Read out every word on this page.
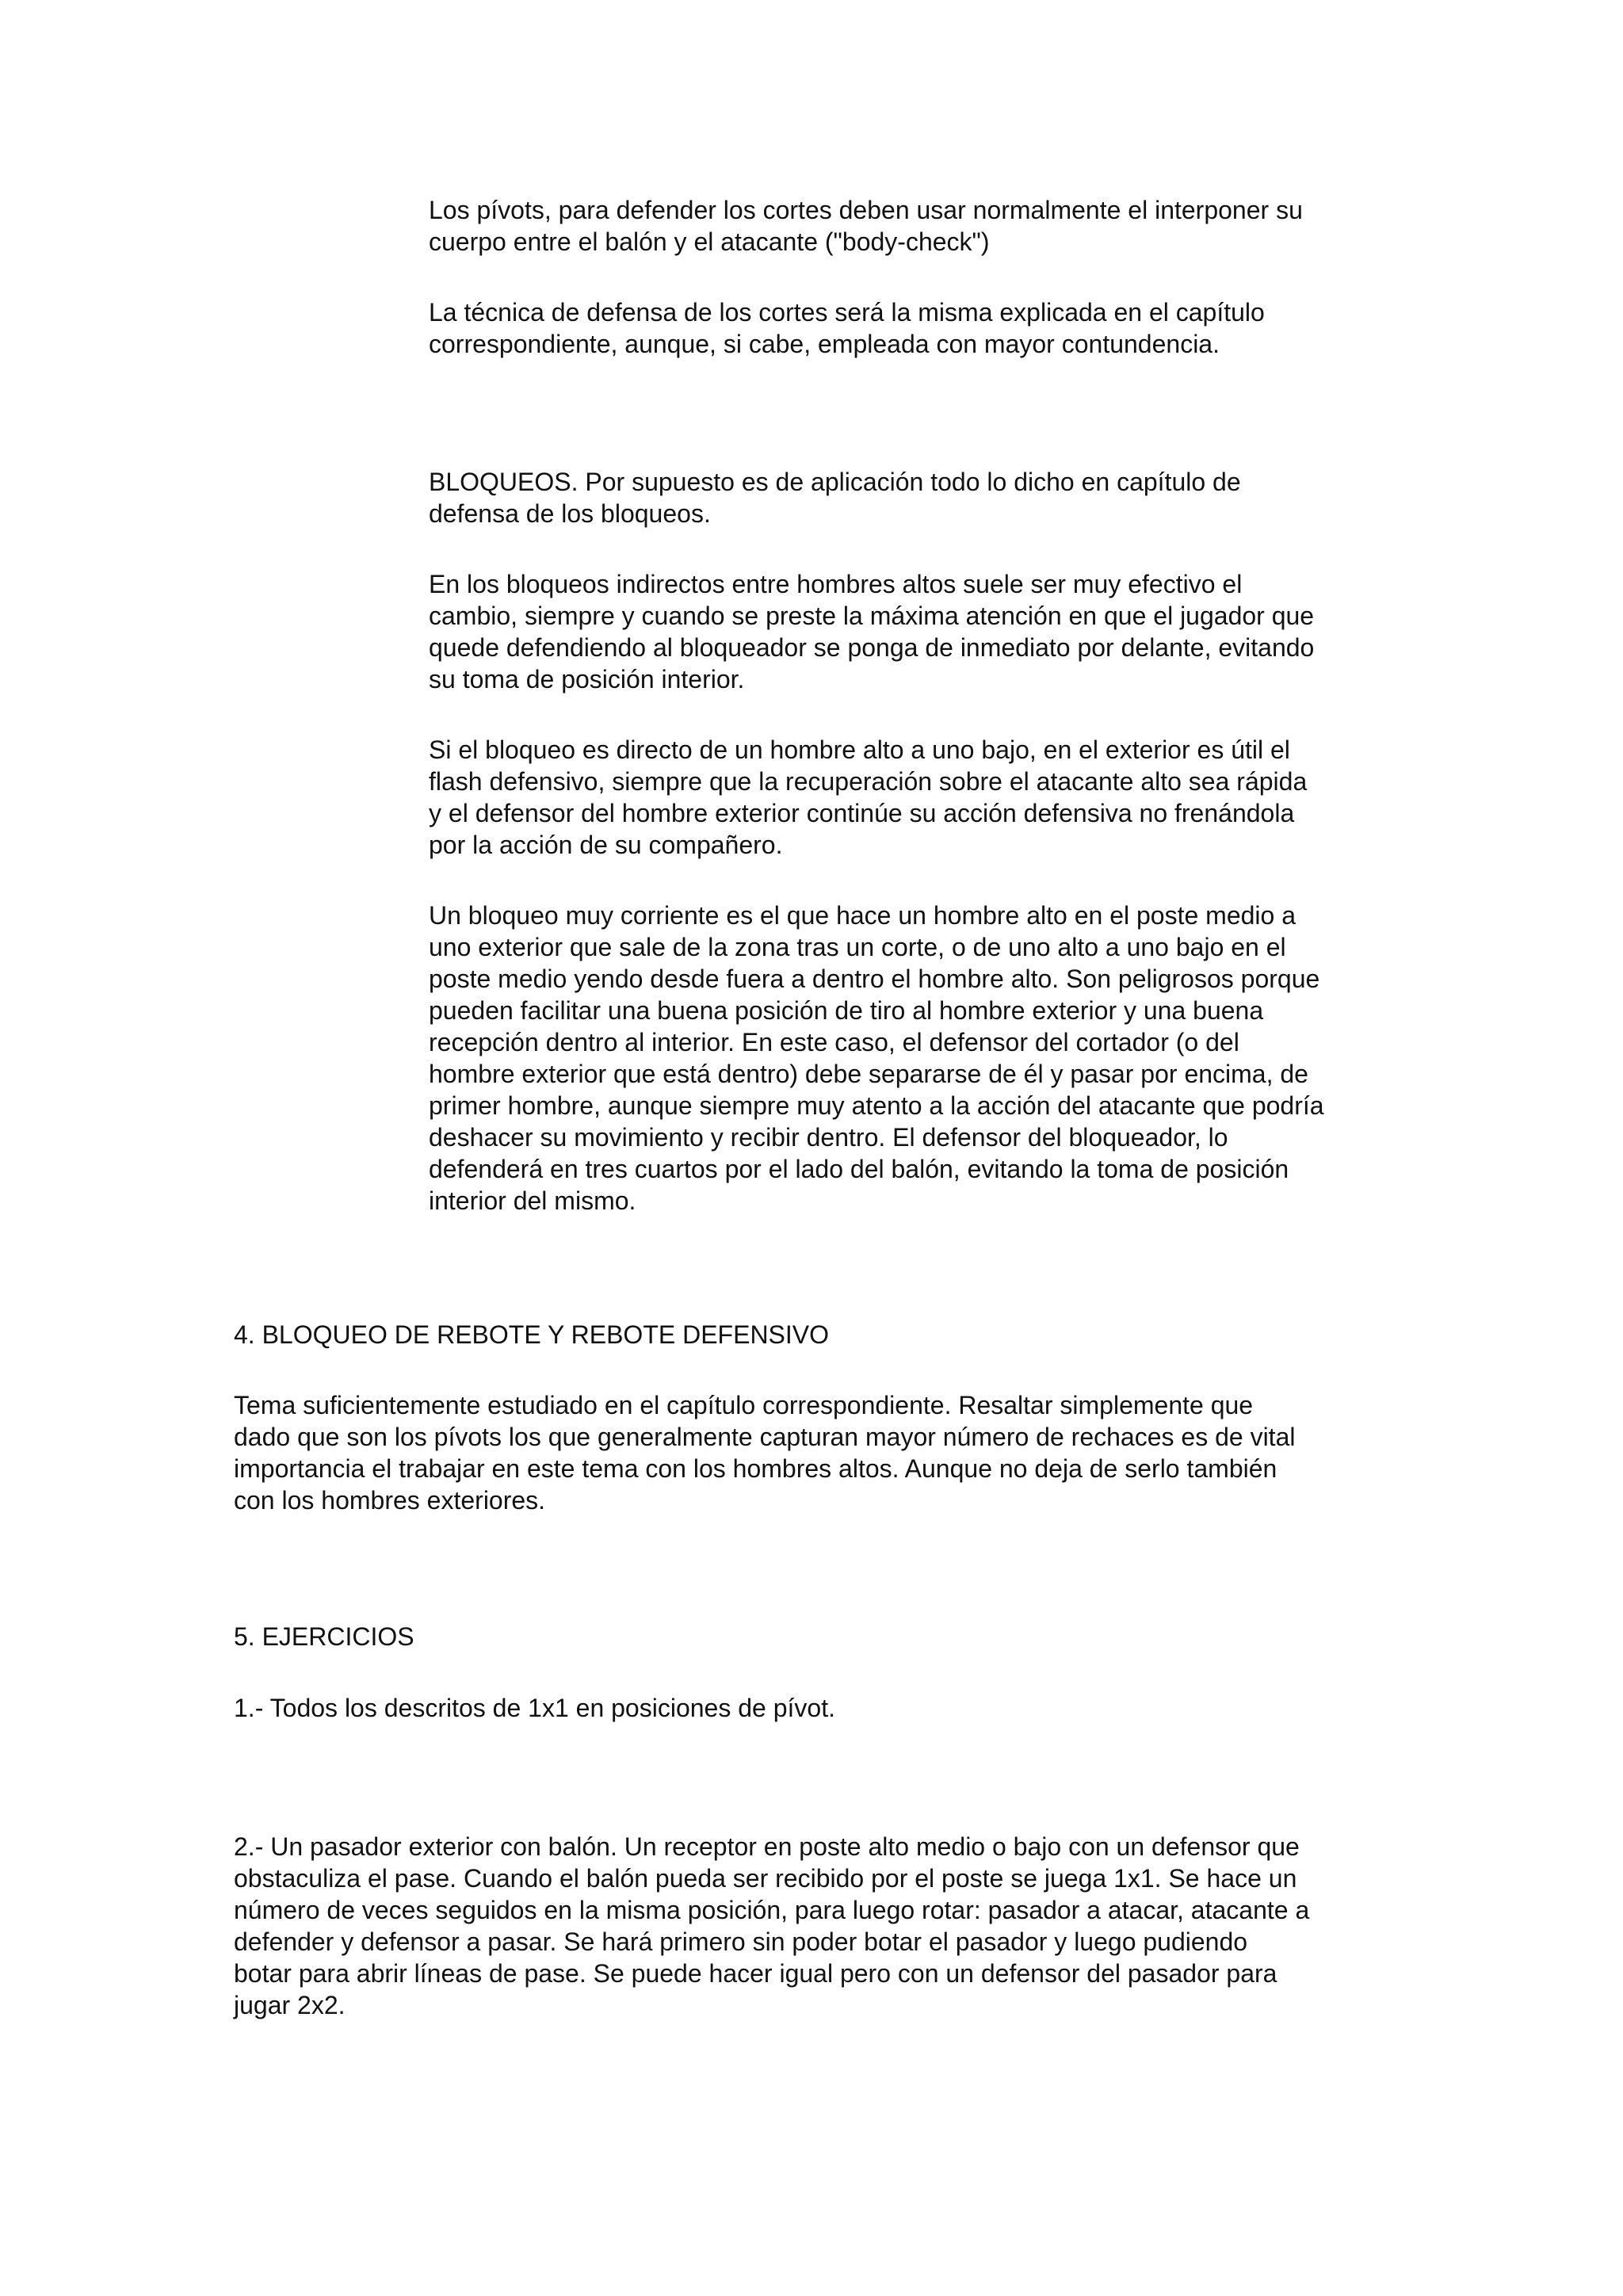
Los pívots, para defender los cortes deben usar normalmente el interponer su
cuerpo entre el balón y el atacante ("body-check")

La técnica de defensa de los cortes será la misma explicada en el capítulo
correspondiente, aunque, si cabe, empleada con mayor contundencia.

BLOQUEOS. Por supuesto es de aplicación todo lo dicho en capítulo de
defensa de los bloqueos.

En los bloqueos indirectos entre hombres altos suele ser muy efectivo el
cambio, siempre y cuando se preste la máxima atención en que el jugador que
quede defendiendo al bloqueador se ponga de inmediato por delante, evitando
su toma de posición interior.

Si el bloqueo es directo de un hombre alto a uno bajo, en el exterior es útil el
flash defensivo, siempre que la recuperación sobre el atacante alto sea rápida
y el defensor del hombre exterior continúe su acción defensiva no frenándola
por la acción de su compañero.

Un bloqueo muy corriente es el que hace un hombre alto en el poste medio a
uno exterior que sale de la zona tras un corte, o de uno alto a uno bajo en el
poste medio yendo desde fuera a dentro el hombre alto. Son peligrosos porque
pueden facilitar una buena posición de tiro al hombre exterior y una buena
recepción dentro al interior. En este caso, el defensor del cortador (o del
hombre exterior que está dentro) debe separarse de él y pasar por encima, de
primer hombre, aunque siempre muy atento a la acción del atacante que podría
deshacer su movimiento y recibir dentro. El defensor del bloqueador, lo
defenderá en tres cuartos por el lado del balón, evitando la toma de posición
interior del mismo.

4. BLOQUEO DE REBOTE Y REBOTE DEFENSIVO

Tema suficientemente estudiado en el capítulo correspondiente. Resaltar simplemente que
dado que son los pívots los que generalmente capturan mayor número de rechaces es de vital
importancia el trabajar en este tema con los hombres altos. Aunque no deja de serlo también
con los hombres exteriores.

5. EJERCICIOS

1.- Todos los descritos de 1x1 en posiciones de pívot.

2.- Un pasador exterior con balón. Un receptor en poste alto medio o bajo con un defensor que
obstaculiza el pase. Cuando el balón pueda ser recibido por el poste se juega 1x1. Se hace un
número de veces seguidos en la misma posición, para luego rotar: pasador a atacar, atacante a
defender y defensor a pasar. Se hará primero sin poder botar el pasador y luego pudiendo
botar para abrir líneas de pase. Se puede hacer igual pero con un defensor del pasador para
jugar 2x2.
